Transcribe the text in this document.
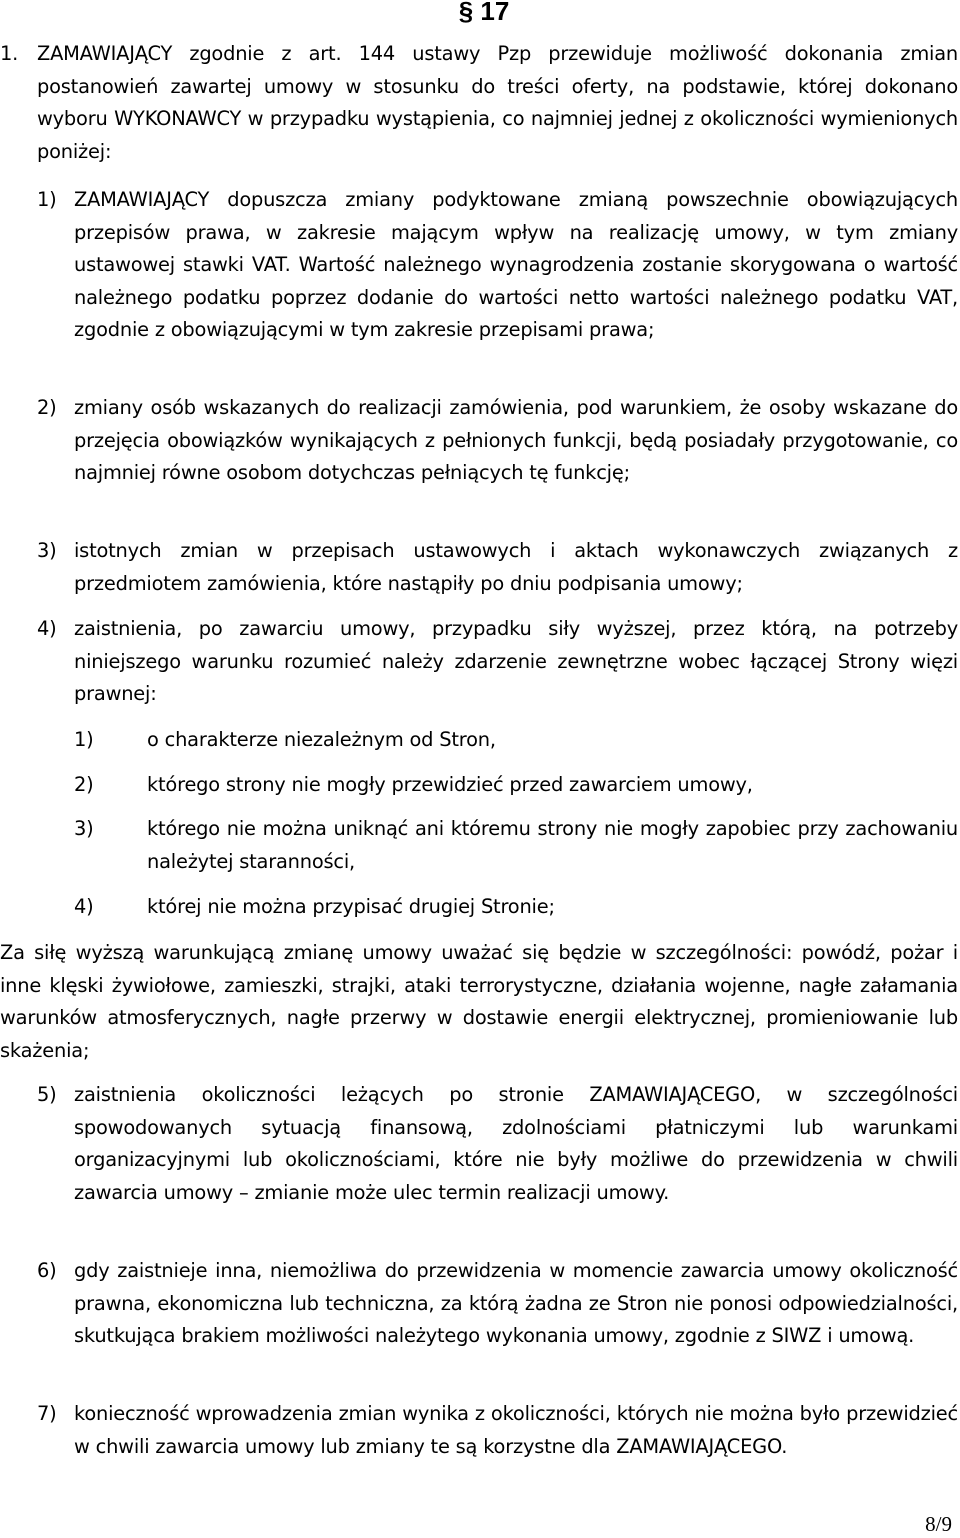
§ 17
1. ZAMAWIAJĄCY zgodnie z art. 144 ustawy Pzp przewiduje możliwość dokonania zmian postanowień zawartej umowy w stosunku do treści oferty, na podstawie, której dokonano wyboru WYKONAWCY w przypadku wystąpienia, co najmniej jednej z okoliczności wymienionych poniżej:
1) ZAMAWIAJĄCY dopuszcza zmiany podyktowane zmianą powszechnie obowiązujących przepisów prawa, w zakresie mającym wpływ na realizację umowy, w tym zmiany ustawowej stawki VAT. Wartość należnego wynagrodzenia zostanie skorygowana o wartość należnego podatku poprzez dodanie do wartości netto wartości należnego podatku VAT, zgodnie z obowiązującymi w tym zakresie przepisami prawa;
2) zmiany osób wskazanych do realizacji zamówienia, pod warunkiem, że osoby wskazane do przejęcia obowiązków wynikających z pełnionych funkcji, będą posiadały przygotowanie, co najmniej równe osobom dotychczas pełniących tę funkcję;
3) istotnych zmian w przepisach ustawowych i aktach wykonawczych związanych z przedmiotem zamówienia, które nastąpiły po dniu podpisania umowy;
4) zaistnienia, po zawarciu umowy, przypadku siły wyższej, przez którą, na potrzeby niniejszego warunku rozumieć należy zdarzenie zewnętrzne wobec łączącej Strony więzi prawnej:
1)	o charakterze niezależnym od Stron,
2)	którego strony nie mogły przewidzieć przed zawarciem umowy,
3)	którego nie można uniknąć ani któremu strony nie mogły zapobiec przy zachowaniu należytej staranności,
4)	której nie można przypisać drugiej Stronie;
Za siłę wyższą warunkującą zmianę umowy uważać się będzie w szczególności: powódź, pożar i inne klęski żywiołowe, zamieszki, strajki, ataki terrorystyczne, działania wojenne, nagłe załamania warunków atmosferycznych, nagłe przerwy w dostawie energii elektrycznej, promieniowanie lub skażenia;
5) zaistnienia okoliczności leżących po stronie ZAMAWIAJĄCEGO, w szczególności spowodowanych sytuacją finansową, zdolnościami płatniczymi lub warunkami organizacyjnymi lub okolicznościami, które nie były możliwe do przewidzenia w chwili zawarcia umowy – zmianie może ulec termin realizacji umowy.
6) gdy zaistnieje inna, niemożliwa do przewidzenia w momencie zawarcia umowy okoliczność prawna, ekonomiczna lub techniczna, za którą żadna ze Stron nie ponosi odpowiedzialności, skutkująca brakiem możliwości należytego wykonania umowy, zgodnie z SIWZ i umową.
7) konieczność wprowadzenia zmian wynika z okoliczności, których nie można było przewidzieć w chwili zawarcia umowy lub zmiany te są korzystne dla ZAMAWIAJĄCEGO.
8/9
